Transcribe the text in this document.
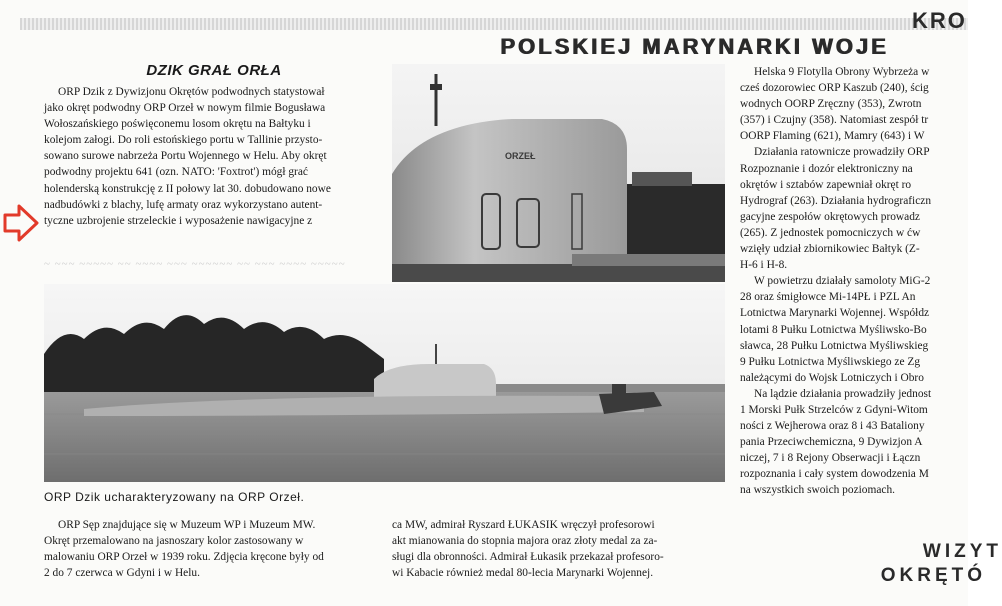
KRO
POLSKIEJ MARYNARKI WOJE
DZIK GRAŁ ORŁA

ORP Dzik z Dywizjonu Okrętów podwodnych statystował

jako okręt podwodny ORP Orzeł w nowym filmie Bogusława

Wołoszańskiego poświęconemu losom okrętu na Bałtyku i

kolejom załogi. Do roli estońskiego portu w Tallinie przysto-

sowano surowe nabrzeża Portu Wojennego w Helu. Aby okręt

podwodny projektu 641 (ozn. NATO: 'Foxtrot') mógł grać

holenderską konstrukcję z II połowy lat 30. dobudowano nowe

nadbudówki z blachy, lufę armaty oraz wykorzystano autent-

tyczne uzbrojenie strzeleckie i wyposażenie nawigacyjne z

~ ~~~ ~~~~~ ~~ ~~~~ ~~~ ~~~~~~ ~~ ~~~ ~~~~ ~~~~~
ORZEŁ
ORP Dzik ucharakteryzowany na ORP Orzeł.

ORP Sęp znajdujące się w Muzeum WP i Muzeum MW.

Okręt przemalowano na jasnoszary kolor zastosowany w

malowaniu ORP Orzeł w 1939 roku. Zdjęcia kręcone były od

2 do 7 czerwca w Gdyni i w Helu.

ca MW, admirał Ryszard ŁUKASIK wręczył profesorowi

akt mianowania do stopnia majora oraz złoty medal za za-

sługi dla obronności. Admirał Łukasik przekazał profesoro-

wi Kabacie również medal 80-lecia Marynarki Wojennej.

Helska 9 Flotylla Obrony Wybrzeża w

cześ dozorowiec ORP Kaszub (240), ścig

wodnych OORP Zręczny (353), Zwrotn

(357) i Czujny (358). Natomiast zespół tr

OORP Flaming (621), Mamry (643) i W

Działania ratownicze prowadziły ORP

Rozpoznanie i dozór elektroniczny na

okrętów i sztabów zapewniał okręt ro

Hydrograf (263). Działania hydrograficzn

gacyjne zespołów okrętowych prowadz

(265). Z jednostek pomocniczych w ćw

wzięły udział zbiornikowiec Bałtyk (Z-

H-6 i H-8.

W powietrzu działały samoloty MiG-2

28 oraz śmigłowce Mi-14PŁ i PZL An

Lotnictwa Marynarki Wojennej. Współdz

lotami 8 Pułku Lotnictwa Myśliwsko-Bo

sławca, 28 Pułku Lotnictwa Myśliwskieg

9 Pułku Lotnictwa Myśliwskiego ze Zg

należącymi do Wojsk Lotniczych i Obro

Na lądzie działania prowadziły jednost

1 Morski Pułk Strzelców z Gdyni-Witom

ności z Wejherowa oraz 8 i 43 Bataliony

pania Przeciwchemiczna, 9 Dywizjon A

niczej, 7 i 8 Rejony Obserwacji i Łączn

rozpoznania i cały system dowodzenia M

na wszystkich swoich poziomach.

WIZYT
OKRĘTÓ
